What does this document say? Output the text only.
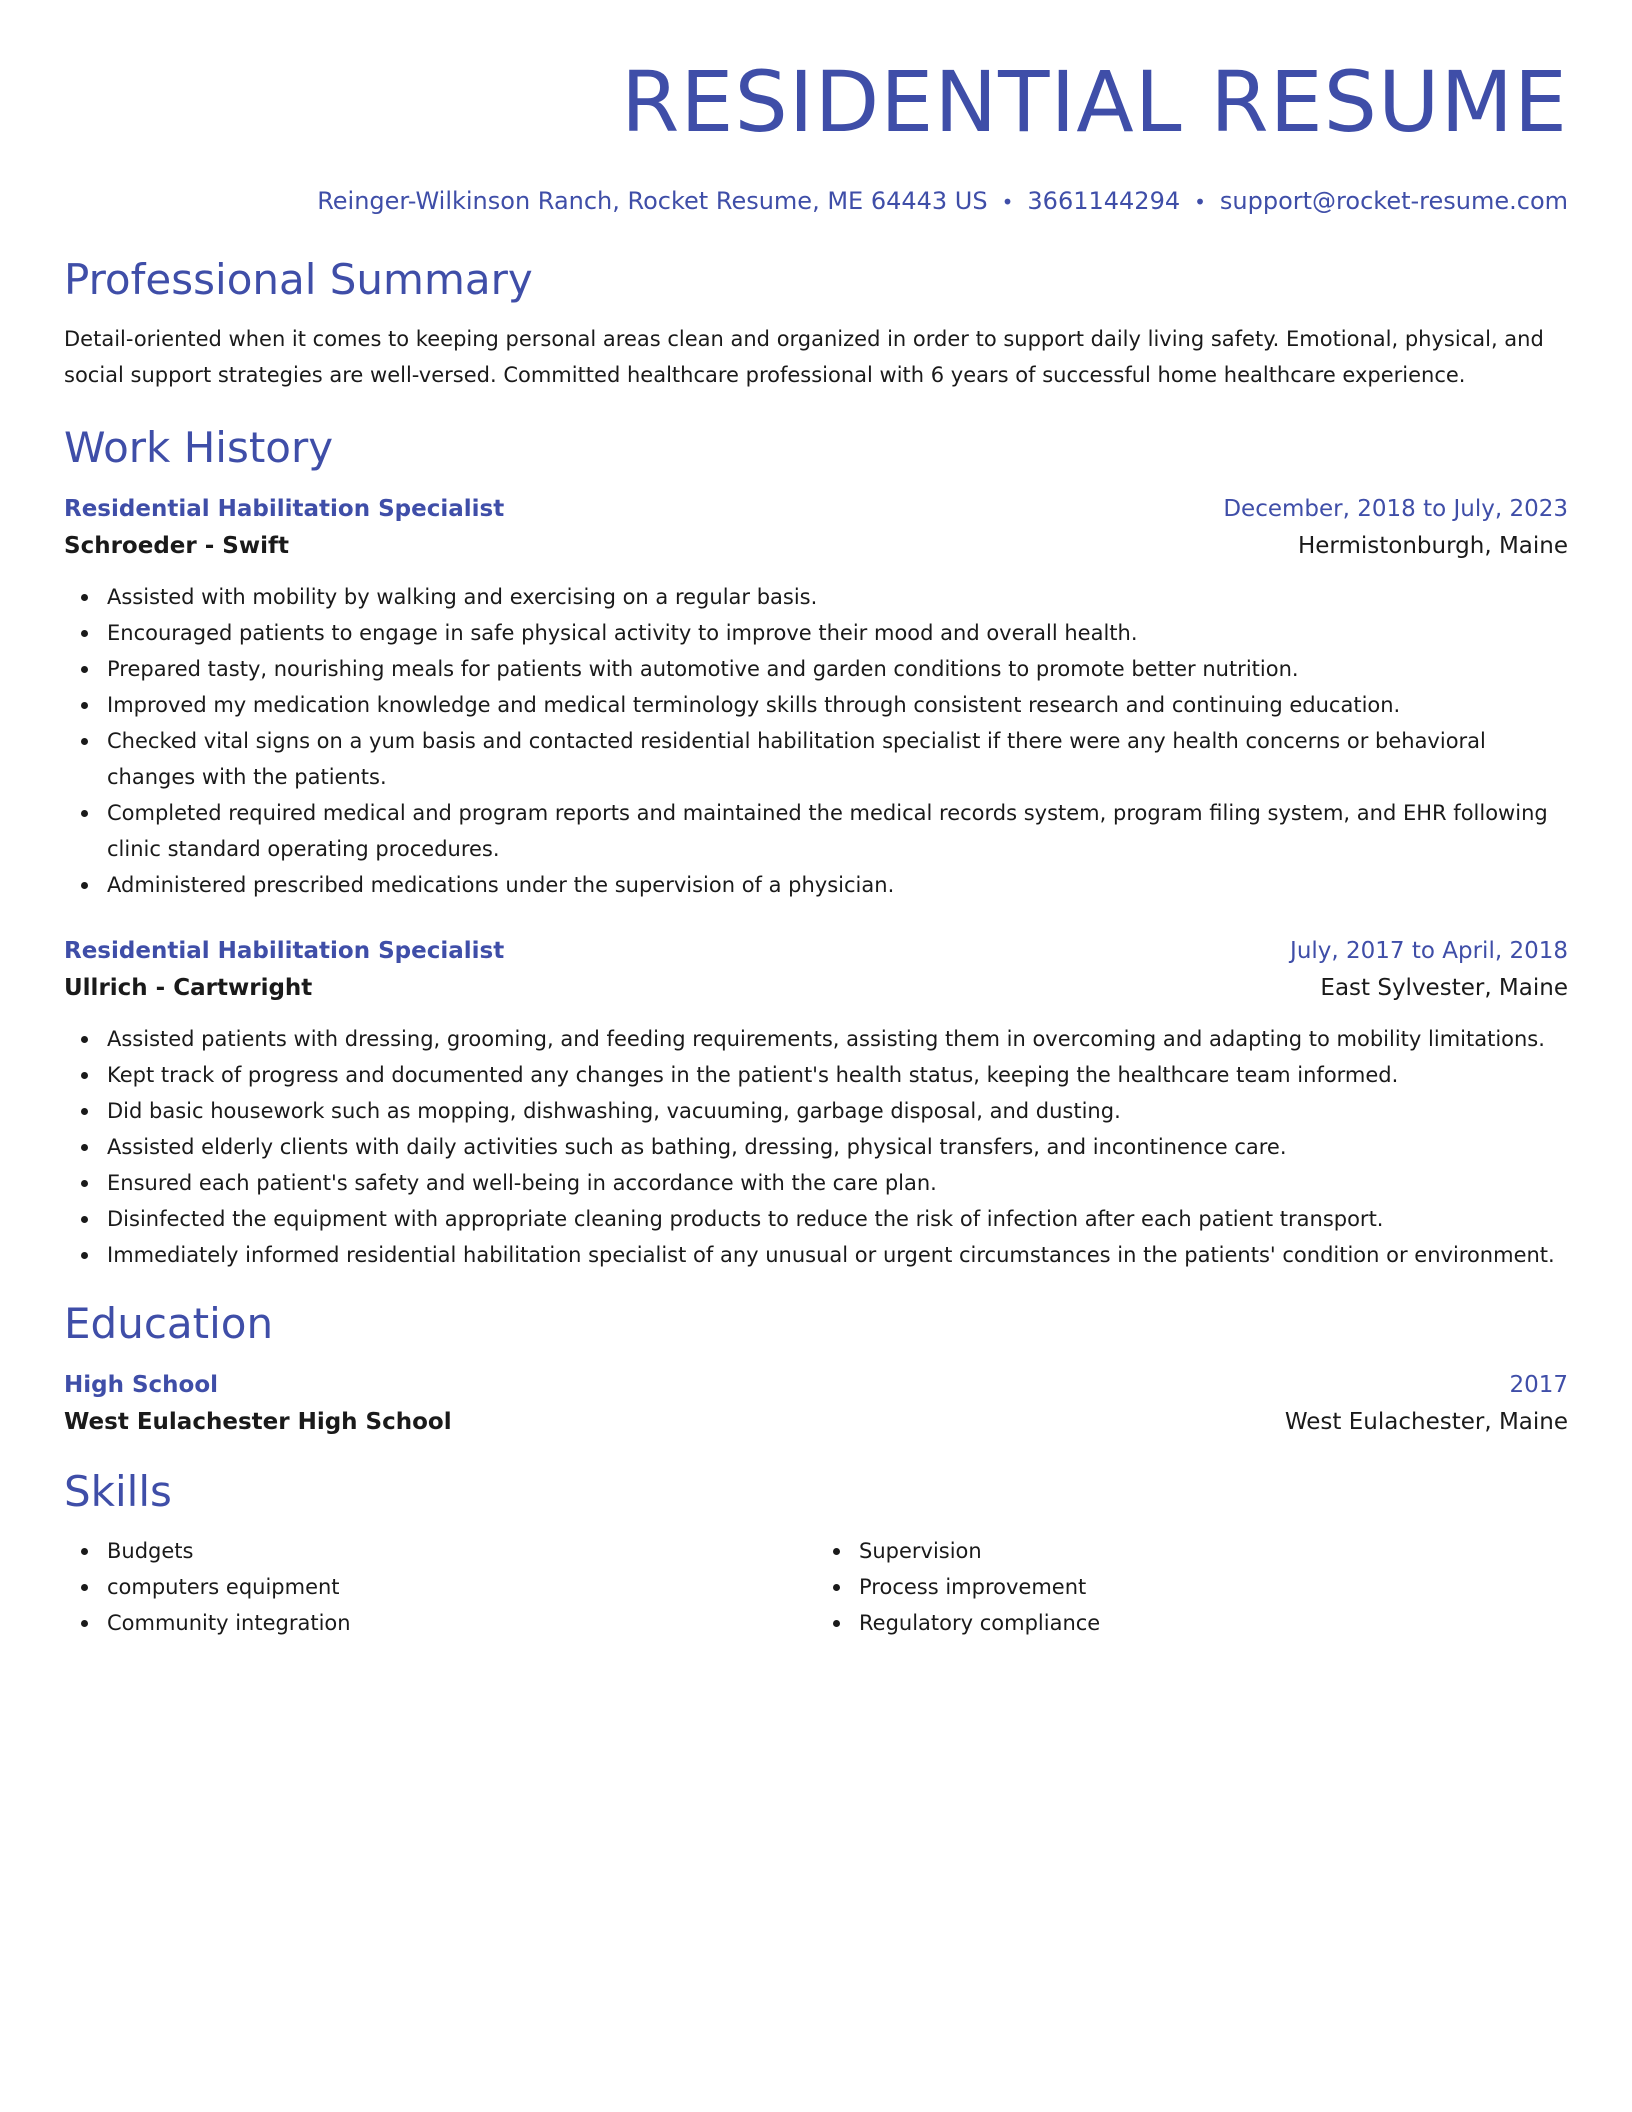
RESIDENTIAL RESUME
Reinger-Wilkinson Ranch, Rocket Resume, ME 64443 US • 3661144294 • support@rocket-resume.com
Professional Summary
Detail-oriented when it comes to keeping personal areas clean and organized in order to support daily living safety. Emotional, physical, and social support strategies are well-versed. Committed healthcare professional with 6 years of successful home healthcare experience.
Work History
Residential Habilitation Specialist	December, 2018 to July, 2023
Schroeder - Swift	Hermistonburgh, Maine
Assisted with mobility by walking and exercising on a regular basis.
Encouraged patients to engage in safe physical activity to improve their mood and overall health.
Prepared tasty, nourishing meals for patients with automotive and garden conditions to promote better nutrition.
Improved my medication knowledge and medical terminology skills through consistent research and continuing education.
Checked vital signs on a yum basis and contacted residential habilitation specialist if there were any health concerns or behavioral changes with the patients.
Completed required medical and program reports and maintained the medical records system, program filing system, and EHR following clinic standard operating procedures.
Administered prescribed medications under the supervision of a physician.
Residential Habilitation Specialist	July, 2017 to April, 2018
Ullrich - Cartwright	East Sylvester, Maine
Assisted patients with dressing, grooming, and feeding requirements, assisting them in overcoming and adapting to mobility limitations.
Kept track of progress and documented any changes in the patient's health status, keeping the healthcare team informed.
Did basic housework such as mopping, dishwashing, vacuuming, garbage disposal, and dusting.
Assisted elderly clients with daily activities such as bathing, dressing, physical transfers, and incontinence care.
Ensured each patient's safety and well-being in accordance with the care plan.
Disinfected the equipment with appropriate cleaning products to reduce the risk of infection after each patient transport.
Immediately informed residential habilitation specialist of any unusual or urgent circumstances in the patients' condition or environment.
Education
High School	2017
West Eulachester High School	West Eulachester, Maine
Skills
Budgets
computers equipment
Community integration
Supervision
Process improvement
Regulatory compliance
